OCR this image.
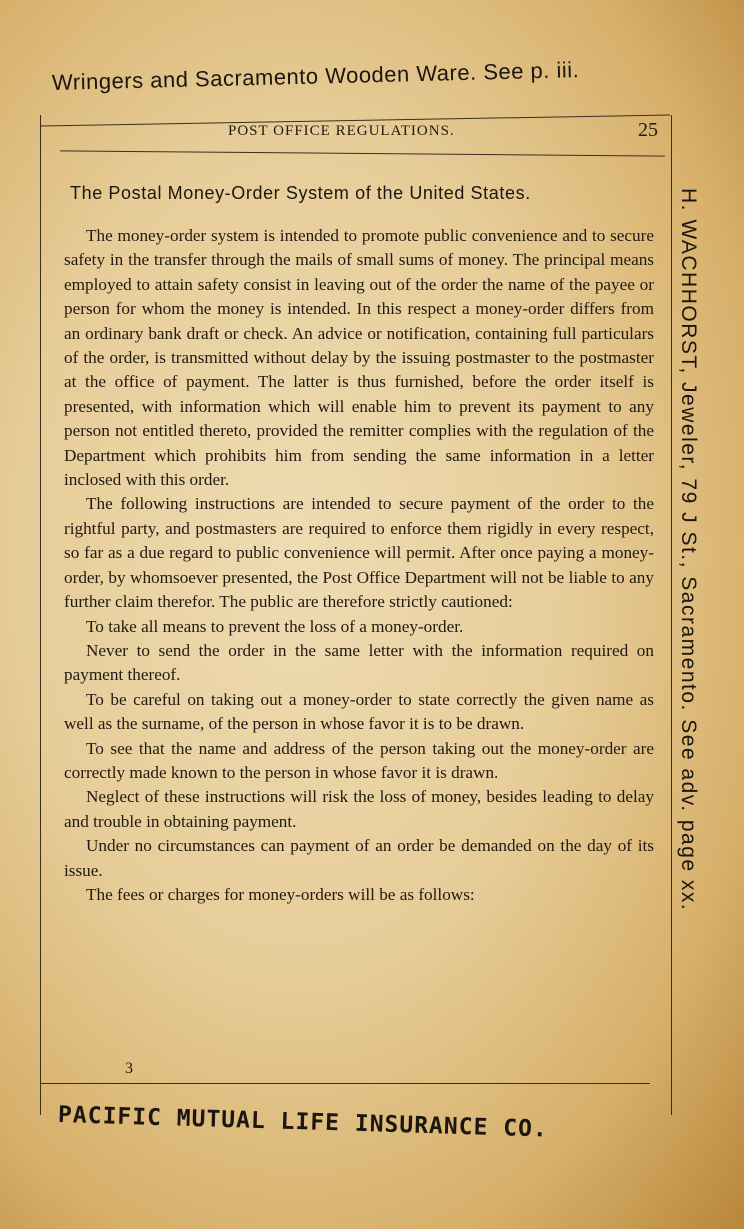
Wringers and Sacramento Wooden Ware. See p. iii.
POST OFFICE REGULATIONS.	25
The Postal Money-Order System of the United States.

The money-order system is intended to promote public convenience and to secure safety in the transfer through the mails of small sums of money. The principal means employed to attain safety consist in leaving out of the order the name of the payee or person for whom the money is intended. In this respect a money-order differs from an ordinary bank draft or check. An advice or notification, containing full particulars of the order, is transmitted without delay by the issuing postmaster to the postmaster at the office of payment. The latter is thus furnished, before the order itself is presented, with information which will enable him to prevent its payment to any person not entitled thereto, provided the remitter complies with the regulation of the Department which prohibits him from sending the same information in a letter inclosed with this order.

The following instructions are intended to secure payment of the order to the rightful party, and postmasters are required to enforce them rigidly in every respect, so far as a due regard to public convenience will permit. After once paying a money-order, by whomsoever presented, the Post Office Department will not be liable to any further claim therefor. The public are therefore strictly cautioned:

To take all means to prevent the loss of a money-order.

Never to send the order in the same letter with the information required on payment thereof.

To be careful on taking out a money-order to state correctly the given name as well as the surname, of the person in whose favor it is to be drawn.

To see that the name and address of the person taking out the money-order are correctly made known to the person in whose favor it is drawn.

Neglect of these instructions will risk the loss of money, besides leading to delay and trouble in obtaining payment.

Under no circumstances can payment of an order be demanded on the day of its issue.

The fees or charges for money-orders will be as follows:

3
PACIFIC MUTUAL LIFE INSURANCE CO.
H. WACHHORST, Jeweler, 79 J St., Sacramento. See adv. page xx.
